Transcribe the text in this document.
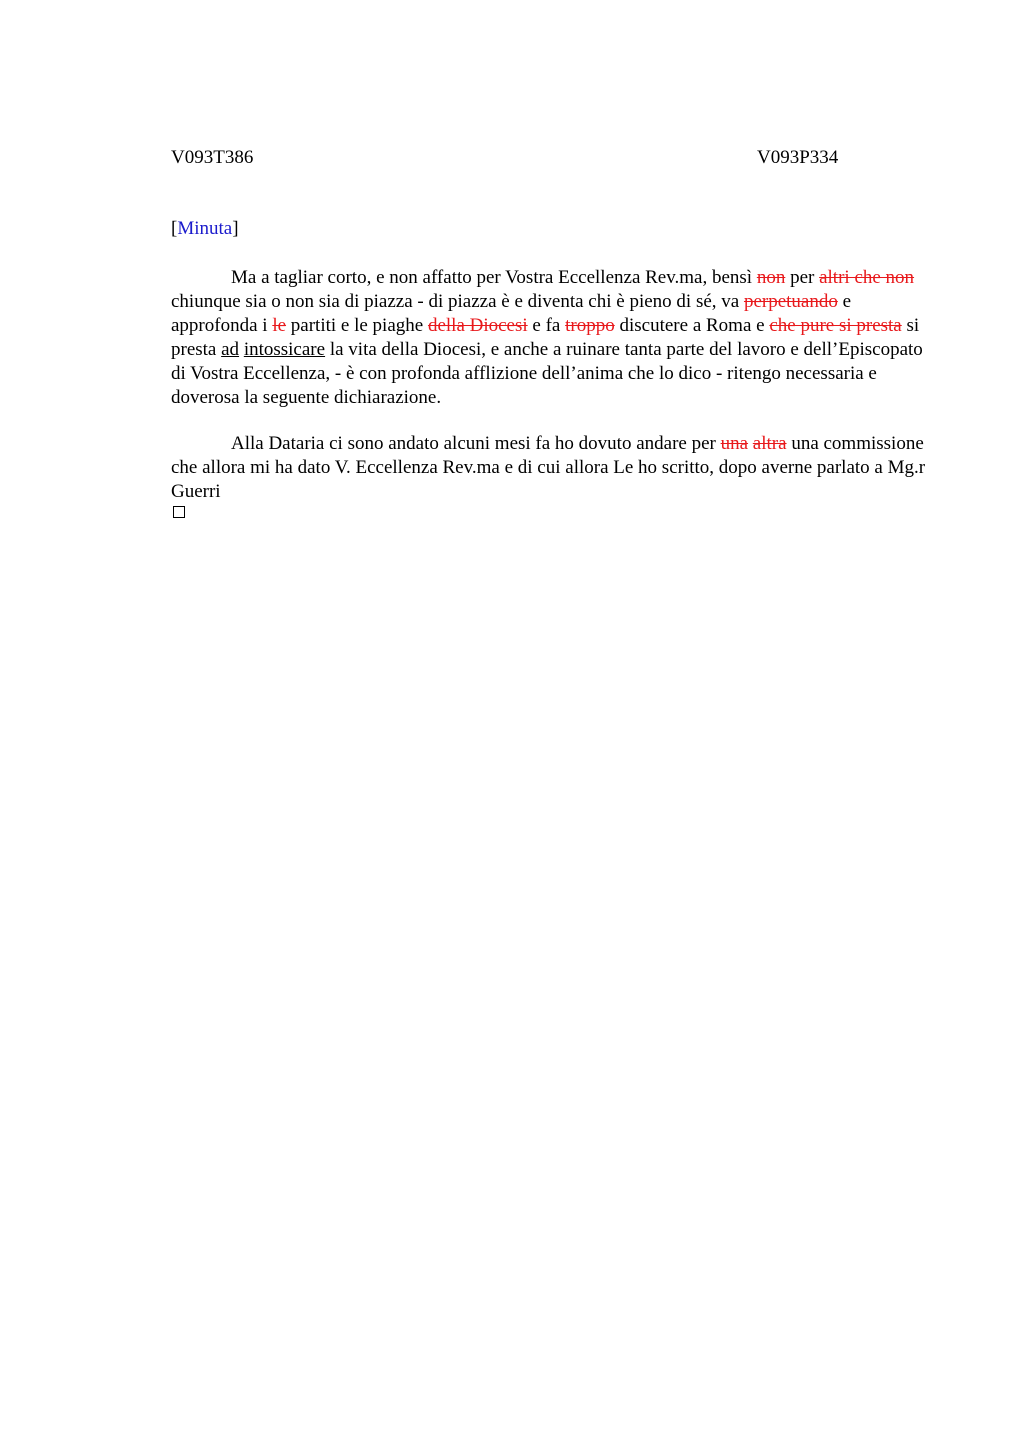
V093T386	V093P334
[Minuta]

Ma a tagliar corto, e non affatto per Vostra Eccellenza Rev.ma, bensì non per altri che non chiunque sia o non sia di piazza - di piazza è e diventa chi è pieno di sé, va perpetuando e approfonda i le partiti e le piaghe della Diocesi e fa troppo discutere a Roma e che pure si presta si presta ad intossicare la vita della Diocesi, e anche a ruinare tanta parte del lavoro e dell’Episcopato di Vostra Eccellenza, - è con profonda afflizione dell’anima che lo dico - ritengo necessaria e doverosa la seguente dichiarazione.

Alla Dataria ci sono andato alcuni mesi fa ho dovuto andare per una altra una commissione che allora mi ha dato V. Eccellenza Rev.ma e di cui allora Le ho scritto, dopo averne parlato a Mg.r Guerri
